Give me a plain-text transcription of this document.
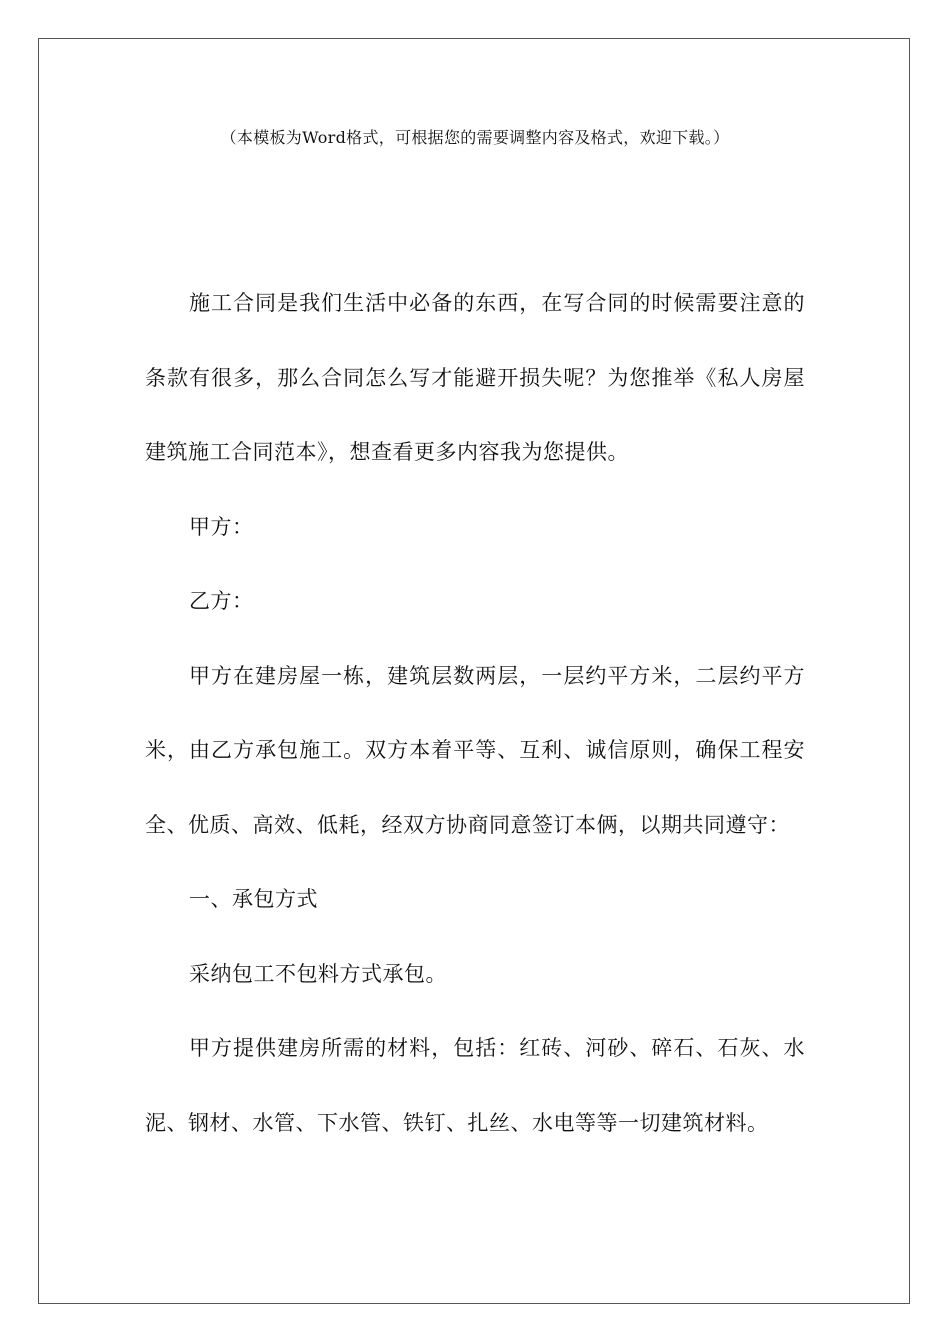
（本模板为Word格式，可根据您的需要调整内容及格式，欢迎下载。）

施工合同是我们生活中必备的东西，在写合同的时候需要注意的条款有很多，那么合同怎么写才能避开损失呢？为您推举《私人房屋建筑施工合同范本》，想查看更多内容我为您提供。

甲方：

乙方：

甲方在建房屋一栋，建筑层数两层，一层约平方米，二层约平方米，由乙方承包施工。双方本着平等、互利、诚信原则，确保工程安全、优质、高效、低耗，经双方协商同意签订本俩，以期共同遵守：

一、承包方式

采纳包工不包料方式承包。

甲方提供建房所需的材料，包括：红砖、河砂、碎石、石灰、水泥、钢材、水管、下水管、铁钉、扎丝、水电等等一切建筑材料。
